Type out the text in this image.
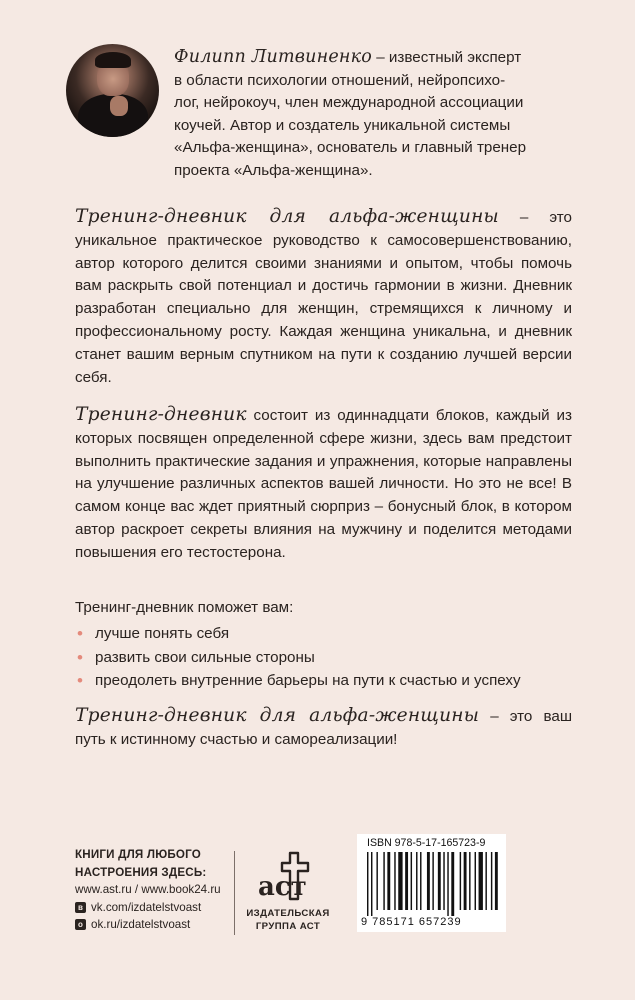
Филипп Литвиненко – известный эксперт
в области психологии отношений, нейропсихо-
лог, нейрокоуч, член международной ассоциации
коучей. Автор и создатель уникальной системы
«Альфа-женщина», основатель и главный тренер
проекта «Альфа-женщина».
Тренинг-дневник для альфа-женщины – это уникальное практическое руководство к самосовершенствованию, автор которого делится своими знаниями и опытом, чтобы помочь вам раскрыть свой потенциал и достичь гармонии в жизни. Дневник разработан специально для женщин, стремящихся к личному и профессиональному росту. Каждая женщина уникальна, и дневник станет вашим верным спутником на пути к созданию лучшей версии себя.
Тренинг-дневник состоит из одиннадцати блоков, каждый из которых посвящен определенной сфере жизни, здесь вам предстоит выполнить практические задания и упражнения, которые направлены на улучшение различных аспектов вашей личности. Но это не все! В самом конце вас ждет приятный сюрприз – бонусный блок, в котором автор раскроет секреты влияния на мужчину и поделится методами повышения его тестостерона.
Тренинг-дневник поможет вам:
• лучше понять себя
• развить свои сильные стороны
• преодолеть внутренние барьеры на пути к счастью и успеху
Тренинг-дневник для альфа-женщины – это ваш путь к истинному счастью и самореализации!
КНИГИ ДЛЯ ЛЮБОГО
НАСТРОЕНИЯ ЗДЕСЬ:
www.ast.ru / www.book24.ru
в vk.com/izdatelstvoast
o ok.ru/izdatelstvoast
аст
ИЗДАТЕЛЬСКАЯ
ГРУППА АСТ
ISBN 978-5-17-165723-9
9 785171 657239
